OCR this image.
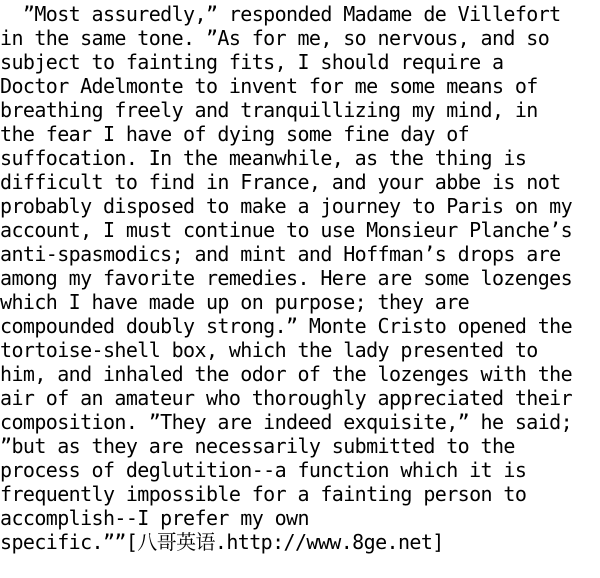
”Most assuredly,” responded Madame de Villefort
in the same tone. ”As for me, so nervous, and so
subject to fainting fits, I should require a
Doctor Adelmonte to invent for me some means of
breathing freely and tranquillizing my mind, in
the fear I have of dying some fine day of
suffocation. In the meanwhile, as the thing is
difficult to find in France, and your abbe is not
probably disposed to make a journey to Paris on my
account, I must continue to use Monsieur Planche’s
anti-spasmodics; and mint and Hoffman’s drops are
among my favorite remedies. Here are some lozenges
which I have made up on purpose; they are
compounded doubly strong.” Monte Cristo opened the
tortoise-shell box, which the lady presented to
him, and inhaled the odor of the lozenges with the
air of an amateur who thoroughly appreciated their
composition. ”They are indeed exquisite,” he said;
”but as they are necessarily submitted to the
process of deglutition--a function which it is
frequently impossible for a fainting person to
accomplish--I prefer my own
specific.””[八哥英语.http://www.8ge.net]
